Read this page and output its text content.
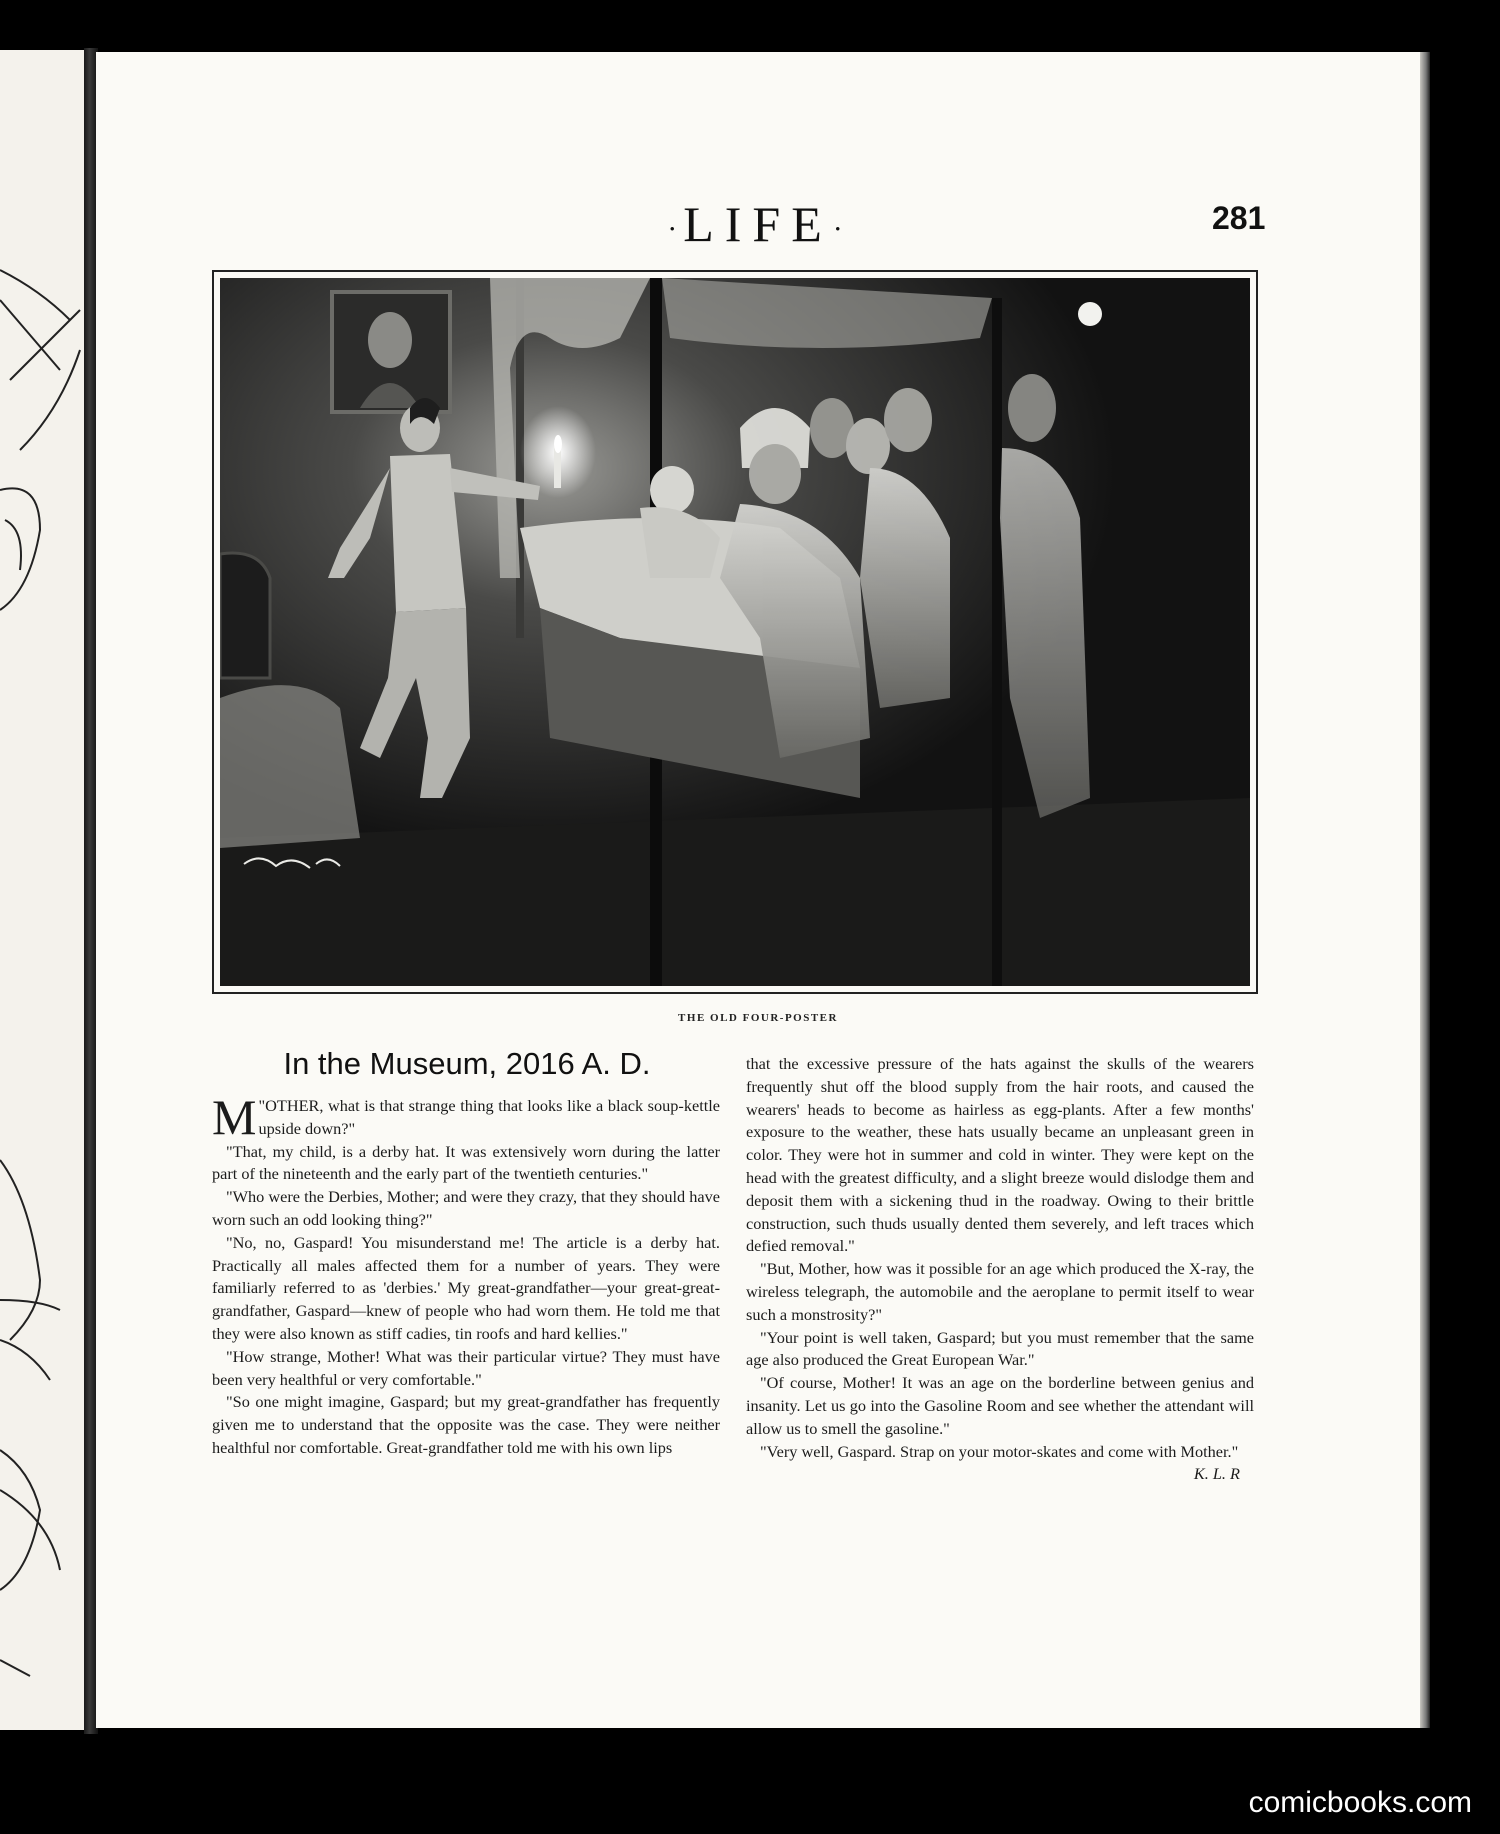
·LIFE·	281
THE OLD FOUR-POSTER
In the Museum, 2016 A. D.

"
M OTHER, what is that strange thing that looks like a black soup-kettle upside down?"

"That, my child, is a derby hat. It was extensively worn during the latter part of the nineteenth and the early part of the twentieth centuries."

"Who were the Derbies, Mother; and were they crazy, that they should have worn such an odd looking thing?"

"No, no, Gaspard! You misunderstand me! The article is a derby hat. Practically all males affected them for a number of years. They were familiarly referred to as 'derbies.' My great-grandfather—your great-great-grandfather, Gaspard—knew of people who had worn them. He told me that they were also known as stiff cadies, tin roofs and hard kellies."

"How strange, Mother! What was their particular virtue? They must have been very healthful or very comfortable."

"So one might imagine, Gaspard; but my great-grandfather has frequently given me to understand that the opposite was the case. They were neither healthful nor comfortable. Great-grandfather told me with his own lips

that the excessive pressure of the hats against the skulls of the wearers frequently shut off the blood supply from the hair roots, and caused the wearers' heads to become as hairless as egg-plants. After a few months' exposure to the weather, these hats usually became an unpleasant green in color. They were hot in summer and cold in winter. They were kept on the head with the greatest difficulty, and a slight breeze would dislodge them and deposit them with a sickening thud in the roadway. Owing to their brittle construction, such thuds usually dented them severely, and left traces which defied removal."

"But, Mother, how was it possible for an age which produced the X-ray, the wireless telegraph, the automobile and the aeroplane to permit itself to wear such a monstrosity?"

"Your point is well taken, Gaspard; but you must remember that the same age also produced the Great European War."

"Of course, Mother! It was an age on the borderline between genius and insanity. Let us go into the Gasoline Room and see whether the attendant will allow us to smell the gasoline."

"Very well, Gaspard. Strap on your motor-skates and come with Mother."
K. L. R

comicbooks.com
